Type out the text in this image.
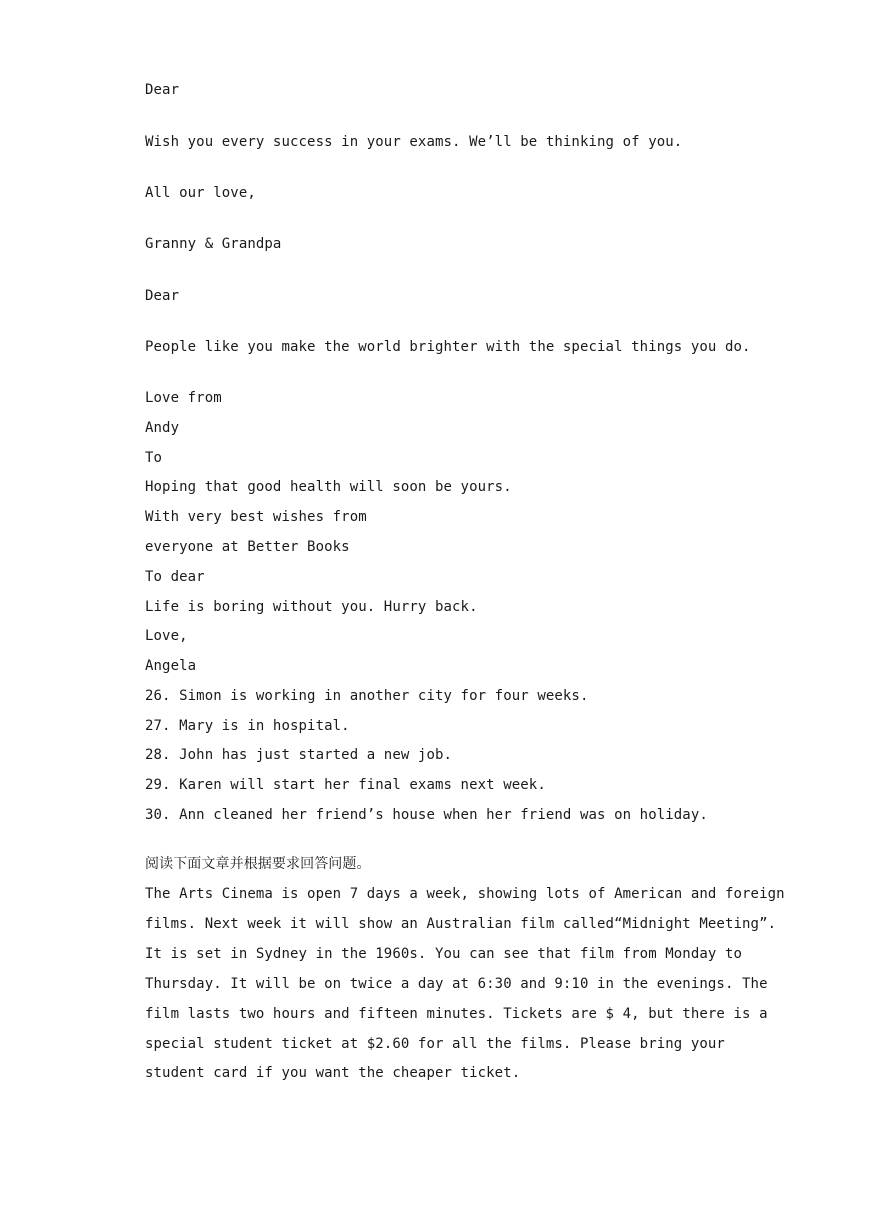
Dear
Wish you every success in your exams. We’ll be thinking of you.
All our love,
Granny & Grandpa
Dear
People like you make the world brighter with the special things you do.
Love from
Andy
To
Hoping that good health will soon be yours.
With very best wishes from
everyone at Better Books
To dear
Life is boring without you. Hurry back.
Love,
Angela
26. Simon is working in another city for four weeks.
27. Mary is in hospital.
28. John has just started a new job.
29. Karen will start her final exams next week.
30. Ann cleaned her friend’s house when her friend was on holiday.
阅读下面文章并根据要求回答问题。
The Arts Cinema is open 7 days a week, showing lots of American and foreign
films. Next week it will show an Australian film called“Midnight Meeting”.
It is set in Sydney in the 1960s. You can see that film from Monday to
Thursday. It will be on twice a day at 6:30 and 9:10 in the evenings. The
film lasts two hours and fifteen minutes. Tickets are $ 4, but there is a
special student ticket at $2.60 for all the films. Please bring your
student card if you want the cheaper ticket.
